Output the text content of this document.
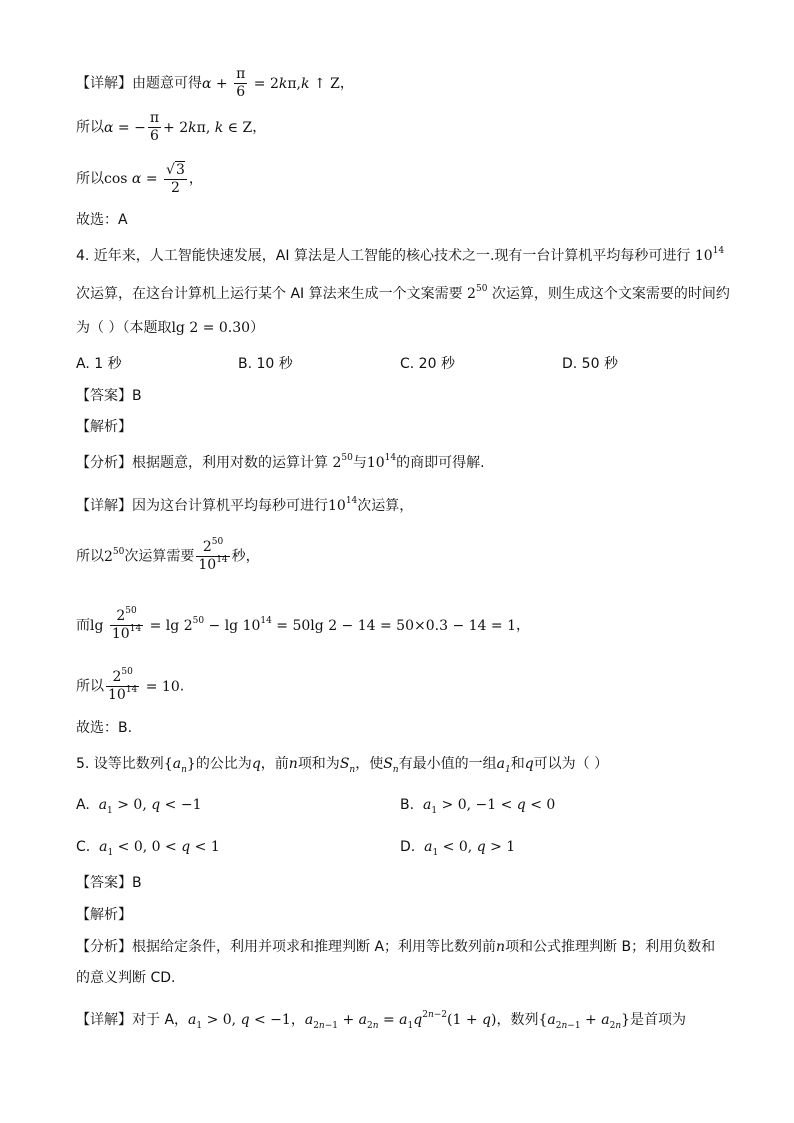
【详解】由题意可得$\alpha + \frac{\pi}{6} = 2k\pi,k$ ↑ Z，
所以α = − $\frac{\pi}{6} + 2k\pi$, k ∈ Z，
所以$\cos \alpha = \frac{√3}{2}$ ，
故选：A
4. 近年来，人工智能快速发展，AI 算法是人工智能的核心技术之一.现有一台计算机平均每秒可进行 $10^{14}$
次运算，在这台计算机上运行某个 AI 算法来生成一个文案需要 $2^{50}$ 次运算，则生成这个文案需要的时间约
为（ ）（本题取lg 2 = 0.30）
A. 1 秒	B. 10 秒	C. 20 秒	D. 50 秒
【答案】B
【解析】
【分析】根据题意，利用对数的运算计算 $2^{50}$与$10^{14}$的商即可得解.
【详解】因为这台计算机平均每秒可进行$10^{14}$次运算，
所以$2^{50}$次运算需要 $\frac{2^{50}}{10^{14}}$ 秒，
而$\lg \frac{2^{50}}{10^{14}} = \lg 2^{50} - \lg 10^{14} = 50\lg$ 2 − 14 = 50×0.3 − 14 = 1，
所以 $\frac{2^{50}}{10^{14}} = 10$.
故选：B.
5. 设等比数列$\{a_n\}$的公比为q，前n项和为$S_n$，使$S_n$有最小值的一组$a_1$和q可以为（ ）
A. $a_1 > 0$, q < −1	B. $a_1 > 0$, −1 < q < 0
C. $a_1 < 0$, 0 < q < 1	D. $a_1 < 0$, q > 1
【答案】B
【解析】
【分析】根据给定条件，利用并项求和推理判断 A；利用等比数列前n项和公式推理判断 B；利用负数和
的意义判断 CD.
【详解】对于 A，$a_1 > 0$, q < −1，$a_{2n-1} + a_{2n} = a_1q^{2n-2}(1 + q)$，数列$\{a_{2n-1} + a_{2n}\}$是首项为
